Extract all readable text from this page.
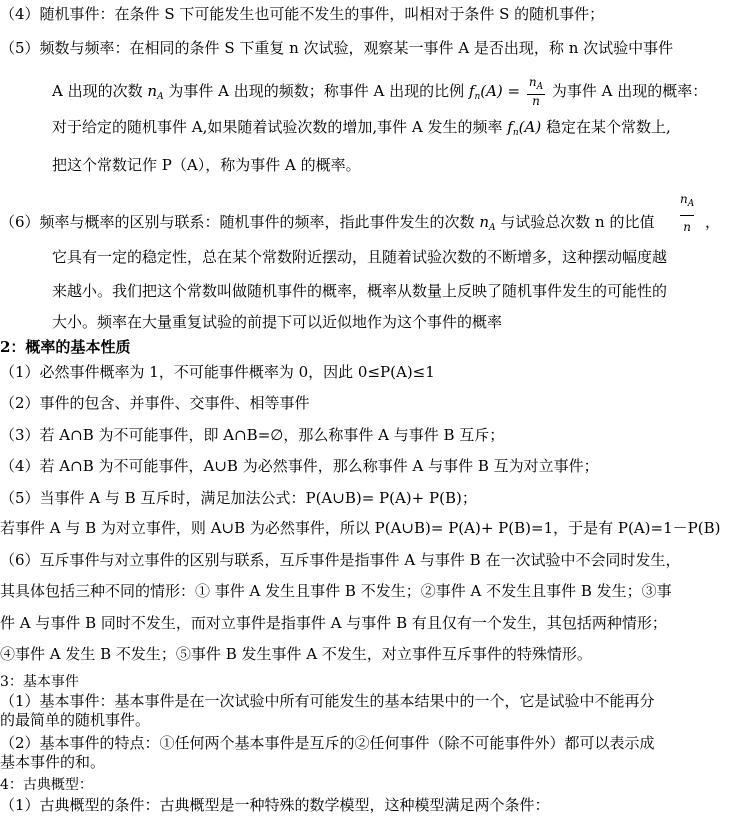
（4）随机事件：在条件 S 下可能发生也可能不发生的事件，叫相对于条件 S 的随机事件；
（5）频数与频率：在相同的条件 S 下重复 n 次试验，观察某一事件 A 是否出现，称 n 次试验中事件
A 出现的次数 $n_A$ 为事件 A 出现的频数；称事件 A 出现的比例 $f_n(A) = \frac{n_A}{n}$ 为事件 A 出现的概率：
对于给定的随机事件 A,如果随着试验次数的增加,事件 A 发生的频率 $f_n(A)$ 稳定在某个常数上,
把这个常数记作 P（A），称为事件 A 的概率。
（6）频率与概率的区别与联系：随机事件的频率，指此事件发生的次数 $n_A$ 与试验总次数 n 的比值
$n_A$
n ，
它具有一定的稳定性，总在某个常数附近摆动，且随着试验次数的不断增多，这种摆动幅度越
来越小。我们把这个常数叫做随机事件的概率，概率从数量上反映了随机事件发生的可能性的
大小。频率在大量重复试验的前提下可以近似地作为这个事件的概率
2：概率的基本性质
（1）必然事件概率为 1，不可能事件概率为 0，因此 0≤P(A)≤1
（2）事件的包含、并事件、交事件、相等事件
（3）若 A∩B 为不可能事件，即 A∩B=∅，那么称事件 A 与事件 B 互斥；
（4）若 A∩B 为不可能事件，A∪B 为必然事件，那么称事件 A 与事件 B 互为对立事件；
（5）当事件 A 与 B 互斥时，满足加法公式：P(A∪B)= P(A)+ P(B)；
若事件 A 与 B 为对立事件，则 A∪B 为必然事件，所以 P(A∪B)= P(A)+ P(B)=1，于是有 P(A)=1－P(B)
（6）互斥事件与对立事件的区别与联系，互斥事件是指事件 A 与事件 B 在一次试验中不会同时发生，
其具体包括三种不同的情形：① 事件 A 发生且事件 B 不发生；②事件 A 不发生且事件 B 发生；③事
件 A 与事件 B 同时不发生，而对立事件是指事件 A 与事件 B 有且仅有一个发生，其包括两种情形；
④事件 A 发生 B 不发生；⑤事件 B 发生事件 A 不发生，对立事件互斥事件的特殊情形。
3：基本事件
（1）基本事件：基本事件是在一次试验中所有可能发生的基本结果中的一个，它是试验中不能再分
的最简单的随机事件。
（2）基本事件的特点：①任何两个基本事件是互斥的②任何事件（除不可能事件外）都可以表示成
基本事件的和。
4：古典概型：
（1）古典概型的条件：古典概型是一种特殊的数学模型，这种模型满足两个条件：
